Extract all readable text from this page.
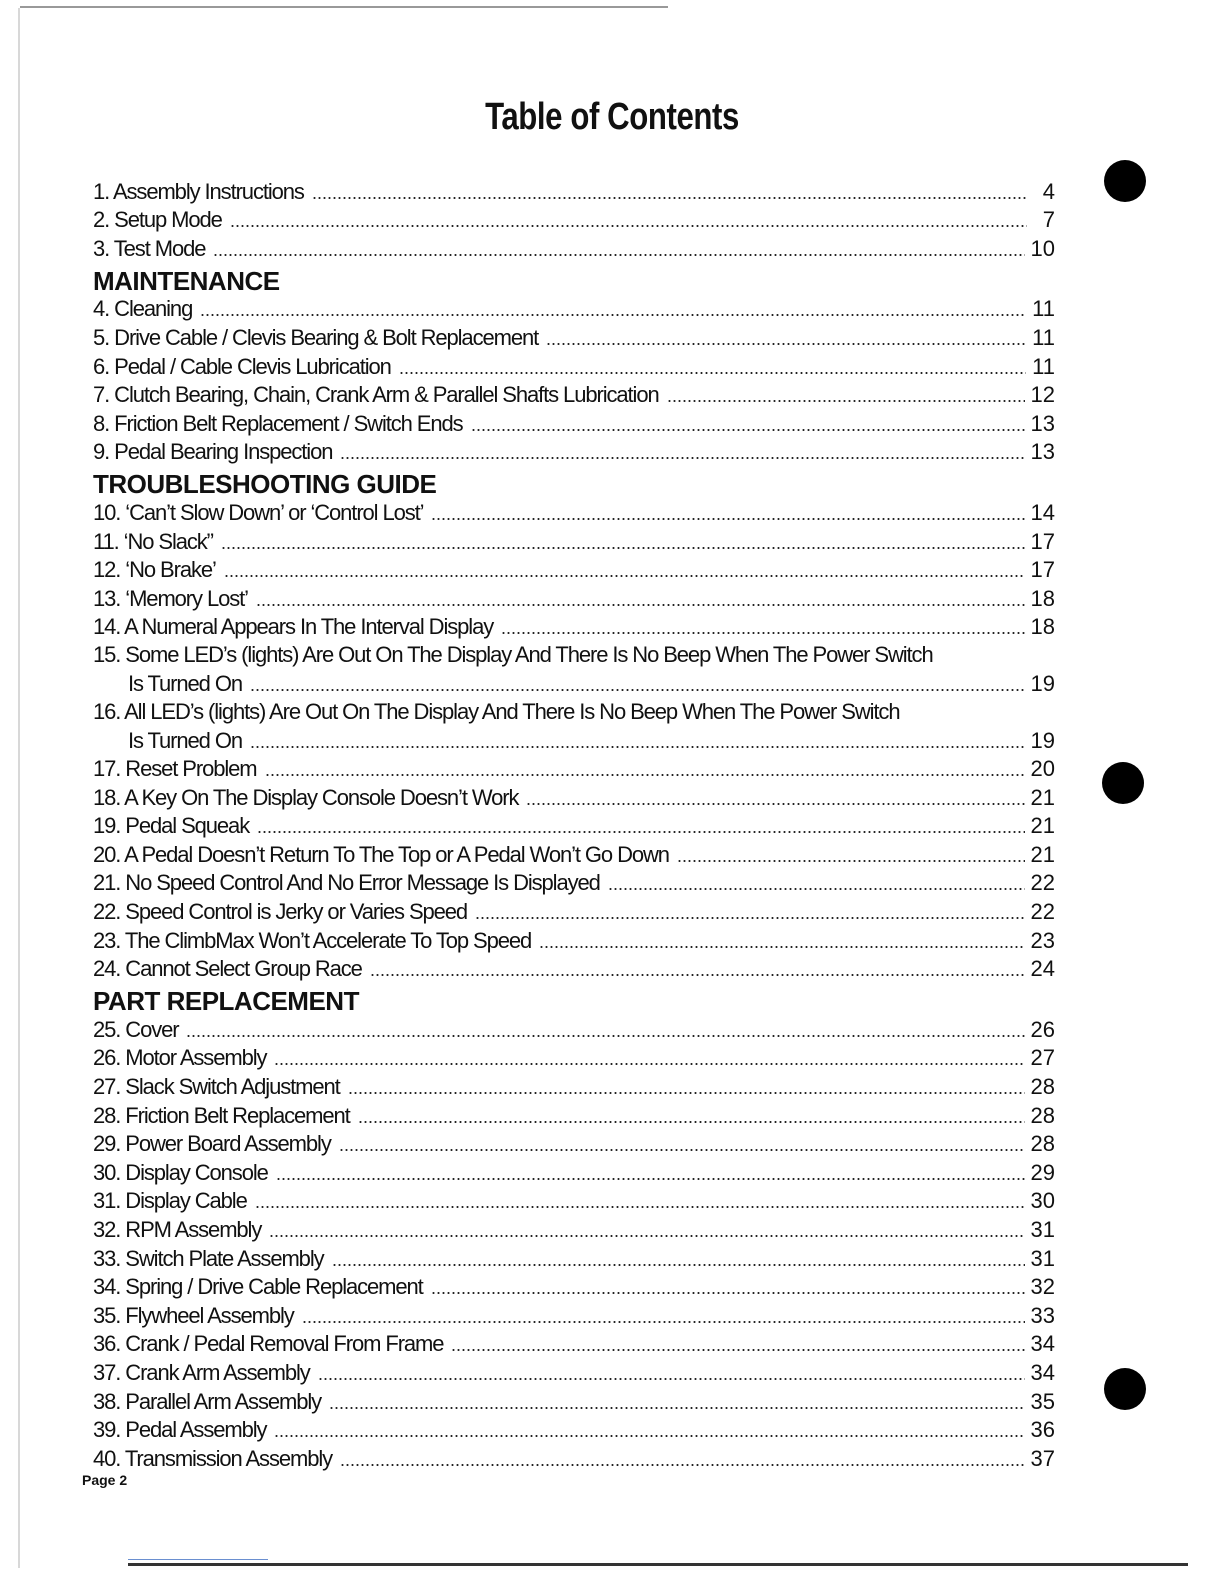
Table of Contents
1. Assembly Instructions	4
2. Setup Mode	7
3. Test Mode	10
MAINTENANCE
4. Cleaning	11
5. Drive Cable / Clevis Bearing & Bolt Replacement	11
6. Pedal / Cable Clevis Lubrication	11
7. Clutch Bearing, Chain, Crank Arm & Parallel Shafts Lubrication	12
8. Friction Belt Replacement / Switch Ends	13
9. Pedal Bearing Inspection	13
TROUBLESHOOTING GUIDE
10. ‘Can’t Slow Down’ or ‘Control Lost’	14
11. ‘No Slack”	17
12. ‘No Brake’	17
13. ‘Memory Lost’	18
14. A Numeral Appears In The Interval Display	18
15. Some LED’s (lights) Are Out On The Display And There Is No Beep When The Power Switch
Is Turned On	19
16. All LED’s (lights) Are Out On The Display And There Is No Beep When The Power Switch
Is Turned On	19
17. Reset Problem	20
18. A Key On The Display Console Doesn’t Work	21
19. Pedal Squeak	21
20. A Pedal Doesn’t Return To The Top or A Pedal Won’t Go Down	21
21. No Speed Control And No Error Message Is Displayed	22
22. Speed Control is Jerky or Varies Speed	22
23. The ClimbMax Won’t Accelerate To Top Speed	23
24. Cannot Select Group Race	24
PART REPLACEMENT
25. Cover	26
26. Motor Assembly	27
27. Slack Switch Adjustment	28
28. Friction Belt Replacement	28
29. Power Board Assembly	28
30. Display Console	29
31. Display Cable	30
32. RPM Assembly	31
33. Switch Plate Assembly	31
34. Spring / Drive Cable Replacement	32
35. Flywheel Assembly	33
36. Crank / Pedal Removal From Frame	34
37. Crank Arm Assembly	34
38. Parallel Arm Assembly	35
39. Pedal Assembly	36
40. Transmission Assembly	37
Page 2
